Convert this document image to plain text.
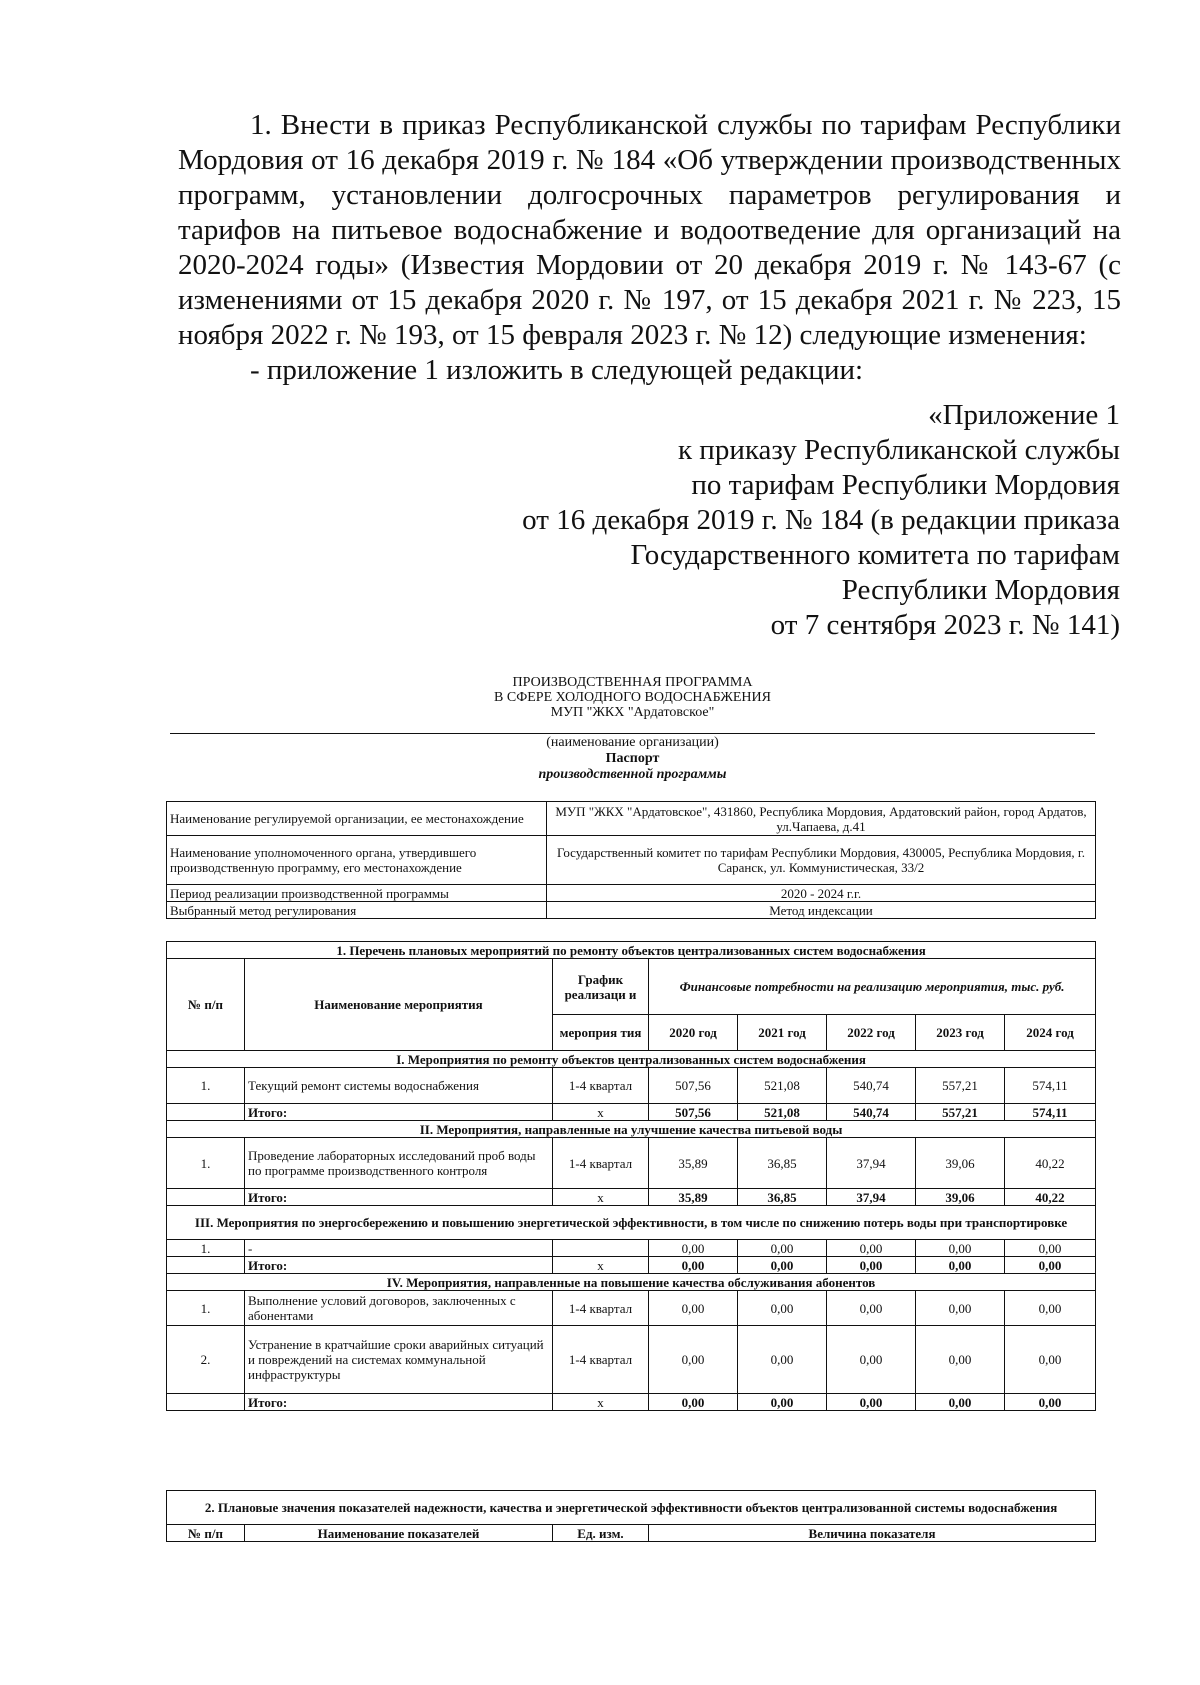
1. Внести в приказ Республиканской службы по тарифам Республики Мордовия от 16 декабря 2019 г. № 184 «Об утверждении производственных программ, установлении долгосрочных параметров регулирования и тарифов на питьевое водоснабжение и водоотведение для организаций на 2020-2024 годы» (Известия Мордовии от 20 декабря 2019 г. № 143-67 (с изменениями от 15 декабря 2020 г. № 197, от 15 декабря 2021 г. № 223, 15 ноября 2022 г. № 193, от 15 февраля 2023 г. № 12) следующие изменения:

- приложение 1 изложить в следующей редакции:

«Приложение 1
к приказу Республиканской службы
по тарифам Республики Мордовия
от 16 декабря 2019 г. № 184 (в редакции приказа
Государственного комитета по тарифам
Республики Мордовия
от 7 сентября 2023 г. № 141)
ПРОИЗВОДСТВЕННАЯ ПРОГРАММА
В СФЕРЕ ХОЛОДНОГО ВОДОСНАБЖЕНИЯ
МУП "ЖКХ "Ардатовское"
(наименование организации)
Паспорт
производственной программы
Наименование регулируемой организации, ее местонахождение	МУП "ЖКХ "Ардатовское", 431860, Республика Мордовия, Ардатовский район, город Ардатов, ул.Чапаева, д.41
Наименование уполномоченного органа, утвердившего производственную программу, его местонахождение	Государственный комитет по тарифам Республики Мордовия, 430005, Республика Мордовия, г. Саранск, ул. Коммунистическая, 33/2
Период реализации производственной программы	2020 - 2024 г.г.
Выбранный метод регулирования	Метод индексации
1. Перечень плановых мероприятий по ремонту объектов централизованных систем водоснабжения							
№ п/п	Наименование мероприятия	График реализаци и	Финансовые потребности на реализацию мероприятия, тыс. руб.				
		мероприя тия	2020 год	2021 год	2022 год	2023 год	2024 год
I. Мероприятия по ремонту объектов централизованных систем водоснабжения							
1.	Текущий ремонт системы водоснабжения	1-4 квартал	507,56	521,08	540,74	557,21	574,11
	Итого:	х	507,56	521,08	540,74	557,21	574,11
II. Мероприятия, направленные на улучшение качества питьевой воды							
1.	Проведение лабораторных исследований проб воды по программе производственного контроля	1-4 квартал	35,89	36,85	37,94	39,06	40,22
	Итого:	х	35,89	36,85	37,94	39,06	40,22
III. Мероприятия по энергосбережению и повышению энергетической эффективности, в том числе по снижению потерь воды при транспортировке							
1.	-		0,00	0,00	0,00	0,00	0,00
	Итого:	х	0,00	0,00	0,00	0,00	0,00
IV. Мероприятия, направленные на повышение качества обслуживания абонентов							
1.	Выполнение условий договоров, заключенных с абонентами	1-4 квартал	0,00	0,00	0,00	0,00	0,00
2.	Устранение в кратчайшие сроки аварийных ситуаций и повреждений на системах коммунальной инфраструктуры	1-4 квартал	0,00	0,00	0,00	0,00	0,00
	Итого:	х	0,00	0,00	0,00	0,00	0,00
2. Плановые значения показателей надежности, качества и энергетической эффективности объектов централизованной системы водоснабжения
№ п/п	Наименование показателей	Ед. изм.	Величина показателя
